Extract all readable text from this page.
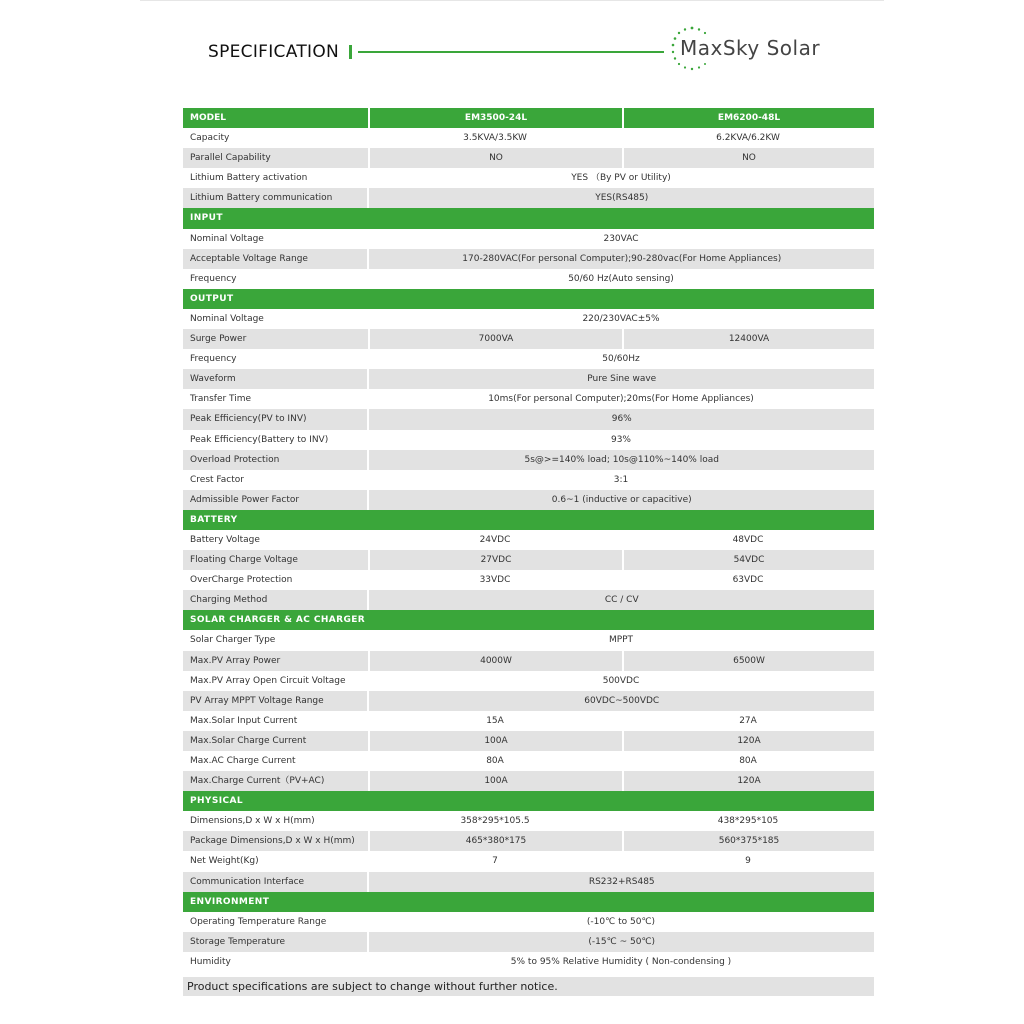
SPECIFICATION	MaxSky Solar
MODEL	EM3500-24L	EM6200-48L
Capacity	3.5KVA/3.5KW	6.2KVA/6.2KW
Parallel Capability	NO	NO
Lithium Battery activation	YES （By PV or Utility)
Lithium Battery communication	YES(RS485)
INPUT
Nominal Voltage	230VAC
Acceptable Voltage Range	170-280VAC(For personal Computer);90-280vac(For Home Appliances)
Frequency	50/60 Hz(Auto sensing)
OUTPUT
Nominal Voltage	220/230VAC±5%
Surge Power	7000VA	12400VA
Frequency	50/60Hz
Waveform	Pure Sine wave
Transfer Time	10ms(For personal Computer);20ms(For Home Appliances)
Peak Efficiency(PV to INV)	96%
Peak Efficiency(Battery to INV)	93%
Overload Protection	5s@>=140% load; 10s@110%~140% load
Crest Factor	3:1
Admissible Power Factor	0.6~1 (inductive or capacitive)
BATTERY
Battery Voltage	24VDC	48VDC
Floating Charge Voltage	27VDC	54VDC
OverCharge Protection	33VDC	63VDC
Charging Method	CC / CV
SOLAR CHARGER & AC CHARGER
Solar Charger Type	MPPT
Max.PV Array Power	4000W	6500W
Max.PV Array Open Circuit Voltage	500VDC
PV Array MPPT Voltage Range	60VDC~500VDC
Max.Solar Input Current	15A	27A
Max.Solar Charge Current	100A	120A
Max.AC Charge Current	80A	80A
Max.Charge Current（PV+AC)	100A	120A
PHYSICAL
Dimensions,D x W x H(mm)	358*295*105.5	438*295*105
Package Dimensions,D x W x H(mm)	465*380*175	560*375*185
Net Weight(Kg)	7	9
Communication Interface	RS232+RS485
ENVIRONMENT
Operating Temperature Range	(-10℃ to 50℃)
Storage Temperature	(-15℃ ~ 50℃)
Humidity	5% to 95% Relative Humidity ( Non-condensing )
Product specifications are subject to change without further notice.
